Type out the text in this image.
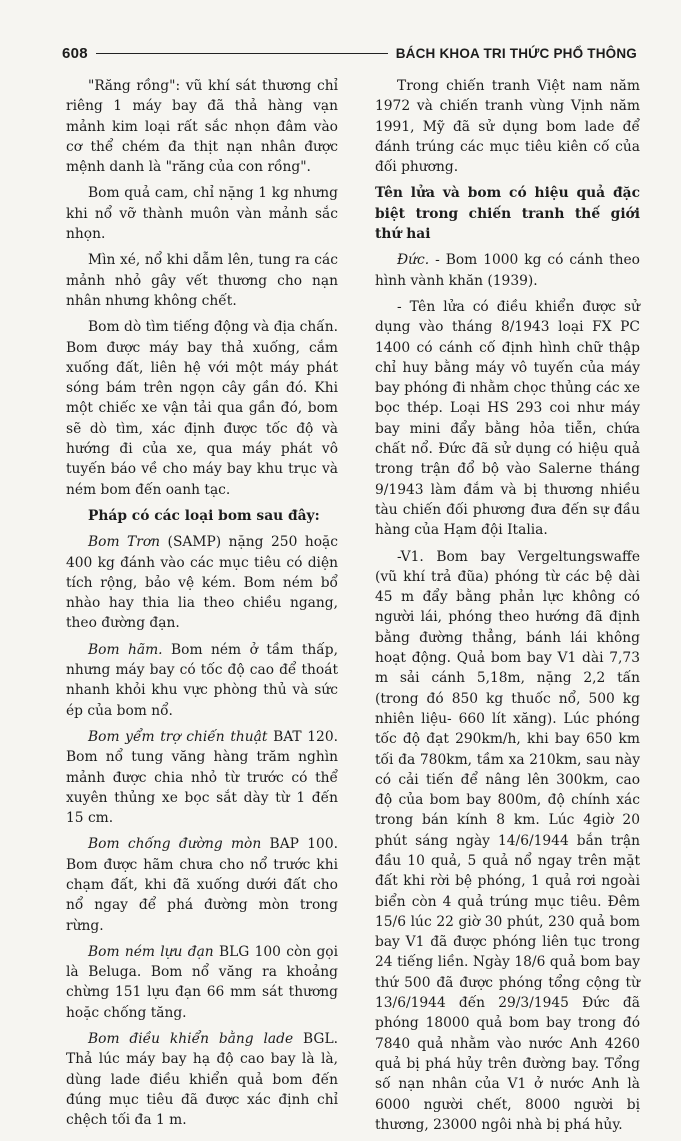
608	BÁCH KHOA TRI THỨC PHỔ THÔNG

"Răng rồng": vũ khí sát thương chỉ riêng 1 máy bay đã thả hàng vạn mảnh kim loại rất sắc nhọn đâm vào cơ thể chém đa thịt nạn nhân được mệnh danh là "răng của con rồng".

Bom quả cam, chỉ nặng 1 kg nhưng khi nổ vỡ thành muôn vàn mảnh sắc nhọn.

Mìn xé, nổ khi dẫm lên, tung ra các mảnh nhỏ gây vết thương cho nạn nhân nhưng không chết.

Bom dò tìm tiếng động và địa chấn. Bom được máy bay thả xuống, cắm xuống đất, liên hệ với một máy phát sóng bám trên ngọn cây gần đó. Khi một chiếc xe vận tải qua gần đó, bom sẽ dò tìm, xác định được tốc độ và hướng đi của xe, qua máy phát vô tuyến báo về cho máy bay khu trục và ném bom đến oanh tạc.

Pháp có các loại bom sau đây:

Bom Trơn (SAMP) nặng 250 hoặc 400 kg đánh vào các mục tiêu có diện tích rộng, bảo vệ kém. Bom ném bổ nhào hay thia lia theo chiều ngang, theo đường đạn.

Bom hãm. Bom ném ở tầm thấp, nhưng máy bay có tốc độ cao để thoát nhanh khỏi khu vực phòng thủ và sức ép của bom nổ.

Bom yểm trợ chiến thuật BAT 120. Bom nổ tung văng hàng trăm nghìn mảnh được chia nhỏ từ trước có thể xuyên thủng xe bọc sắt dày từ 1 đến 15 cm.

Bom chống đường mòn BAP 100. Bom được hãm chưa cho nổ trước khi chạm đất, khi đã xuống dưới đất cho nổ ngay để phá đường mòn trong rừng.

Bom ném lựu đạn BLG 100 còn gọi là Beluga. Bom nổ văng ra khoảng chừng 151 lựu đạn 66 mm sát thương hoặc chống tăng.

Bom điều khiển bằng lade BGL. Thả lúc máy bay hạ độ cao bay là là, dùng lade điều khiển quả bom đến đúng mục tiêu đã được xác định chỉ chệch tối đa 1 m.

Trong chiến tranh Việt nam năm 1972 và chiến tranh vùng Vịnh năm 1991, Mỹ đã sử dụng bom lade để đánh trúng các mục tiêu kiên cố của đối phương.

Tên lửa và bom có hiệu quả đặc biệt trong chiến tranh thế giới thứ hai

Đức. - Bom 1000 kg có cánh theo hình vành khăn (1939).

- Tên lửa có điều khiển được sử dụng vào tháng 8/1943 loại FX PC 1400 có cánh cố định hình chữ thập chỉ huy bằng máy vô tuyến của máy bay phóng đi nhằm chọc thủng các xe bọc thép. Loại HS 293 coi như máy bay mini đẩy bằng hỏa tiễn, chứa chất nổ. Đức đã sử dụng có hiệu quả trong trận đổ bộ vào Salerne tháng 9/1943 làm đắm và bị thương nhiều tàu chiến đối phương đưa đến sự đầu hàng của Hạm đội Italia.

-V1. Bom bay Vergeltungswaffe (vũ khí trả đũa) phóng từ các bệ dài 45 m đẩy bằng phản lực không có người lái, phóng theo hướng đã định bằng đường thẳng, bánh lái không hoạt động. Quả bom bay V1 dài 7,73 m sải cánh 5,18m, nặng 2,2 tấn (trong đó 850 kg thuốc nổ, 500 kg nhiên liệu- 660 lít xăng). Lúc phóng tốc độ đạt 290km/h, khi bay 650 km tối đa 780km, tầm xa 210km, sau này có cải tiến để nâng lên 300km, cao độ của bom bay 800m, độ chính xác trong bán kính 8 km. Lúc 4giờ 20 phút sáng ngày 14/6/1944 bắn trận đầu 10 quả, 5 quả nổ ngay trên mặt đất khi rời bệ phóng, 1 quả rơi ngoài biển còn 4 quả trúng mục tiêu. Đêm 15/6 lúc 22 giờ 30 phút, 230 quả bom bay V1 đã được phóng liên tục trong 24 tiếng liền. Ngày 18/6 quả bom bay thứ 500 đã được phóng tổng cộng từ 13/6/1944 đến 29/3/1945 Đức đã phóng 18000 quả bom bay trong đó 7840 quả nhằm vào nước Anh 4260 quả bị phá hủy trên đường bay. Tổng số nạn nhân của V1 ở nước Anh là 6000 người chết, 8000 người bị thương, 23000 ngôi nhà bị phá hủy.
